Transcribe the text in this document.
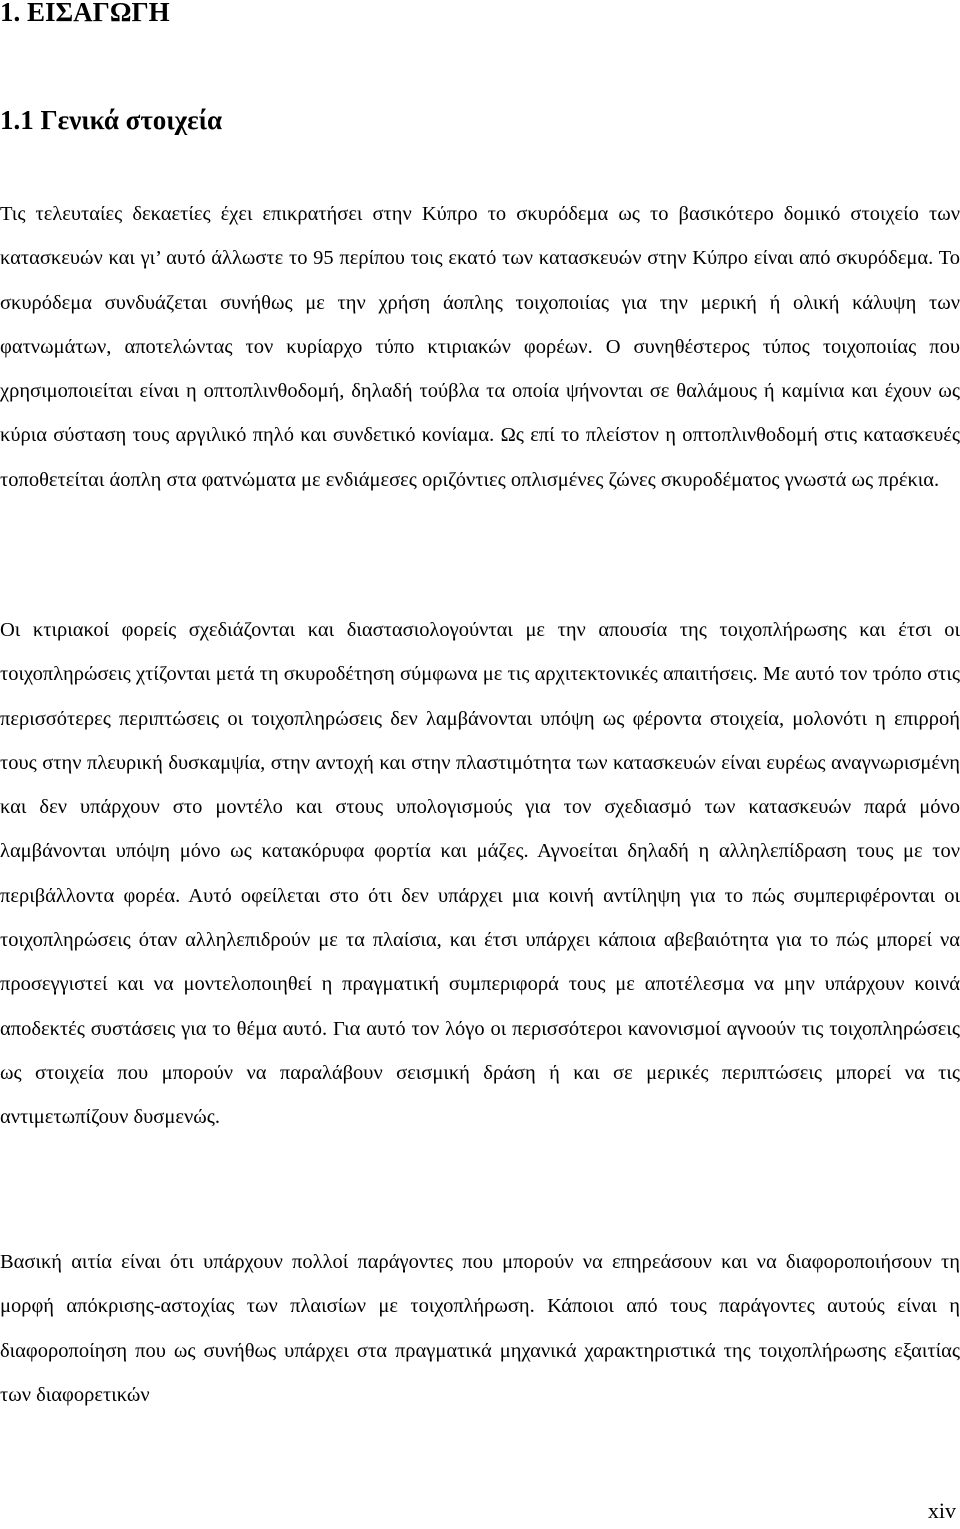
1. ΕΙΣΑΓΩΓΗ
1.1 Γενικά στοιχεία

Τις τελευταίες δεκαετίες έχει επικρατήσει στην Κύπρο το σκυρόδεμα ως το βασικότερο δομικό στοιχείο των κατασκευών και γι’ αυτό άλλωστε το 95 περίπου τοις εκατό των κατασκευών στην Κύπρο είναι από σκυρόδεμα. Το σκυρόδεμα συνδυάζεται συνήθως με την χρήση άοπλης τοιχοποιίας για την μερική ή ολική κάλυψη των φατνωμάτων, αποτελώντας τον κυρίαρχο τύπο κτιριακών φορέων. Ο συνηθέστερος τύπος τοιχοποιίας που χρησιμοποιείται είναι η οπτοπλινθοδομή, δηλαδή τούβλα τα οποία ψήνονται σε θαλάμους ή καμίνια και έχουν ως κύρια σύσταση τους αργιλικό πηλό και συνδετικό κονίαμα. Ως επί το πλείστον η οπτοπλινθοδομή στις κατασκευές τοποθετείται άοπλη στα φατνώματα με ενδιάμεσες οριζόντιες οπλισμένες ζώνες σκυροδέματος γνωστά ως πρέκια.

Οι κτιριακοί φορείς σχεδιάζονται και διαστασιολογούνται με την απουσία της τοιχοπλήρωσης και έτσι οι τοιχοπληρώσεις χτίζονται μετά τη σκυροδέτηση σύμφωνα με τις αρχιτεκτονικές απαιτήσεις. Με αυτό τον τρόπο στις περισσότερες περιπτώσεις οι τοιχοπληρώσεις δεν λαμβάνονται υπόψη ως φέροντα στοιχεία, μολονότι η επιρροή τους στην πλευρική δυσκαμψία, στην αντοχή και στην πλαστιμότητα των κατασκευών είναι ευρέως αναγνωρισμένη και δεν υπάρχουν στο μοντέλο και στους υπολογισμούς για τον σχεδιασμό των κατασκευών παρά μόνο λαμβάνονται υπόψη μόνο ως κατακόρυφα φορτία και μάζες. Αγνοείται δηλαδή η αλληλεπίδραση τους με τον περιβάλλοντα φορέα. Αυτό οφείλεται στο ότι δεν υπάρχει μια κοινή αντίληψη για το πώς συμπεριφέρονται οι τοιχοπληρώσεις όταν αλληλεπιδρούν με τα πλαίσια, και έτσι υπάρχει κάποια αβεβαιότητα για το πώς μπορεί να προσεγγιστεί και να μοντελοποιηθεί η πραγματική συμπεριφορά τους με αποτέλεσμα να μην υπάρχουν κοινά αποδεκτές συστάσεις για το θέμα αυτό. Για αυτό τον λόγο οι περισσότεροι κανονισμοί αγνοούν τις τοιχοπληρώσεις ως στοιχεία που μπορούν να παραλάβουν σεισμική δράση ή και σε μερικές περιπτώσεις μπορεί να τις αντιμετωπίζουν δυσμενώς.

Βασική αιτία είναι ότι υπάρχουν πολλοί παράγοντες που μπορούν να επηρεάσουν και να διαφοροποιήσουν τη μορφή απόκρισης-αστοχίας των πλαισίων με τοιχοπλήρωση. Κάποιοι από τους παράγοντες αυτούς είναι η διαφοροποίηση που ως συνήθως υπάρχει στα πραγματικά μηχανικά χαρακτηριστικά της τοιχοπλήρωσης εξαιτίας των διαφορετικών

xiv
